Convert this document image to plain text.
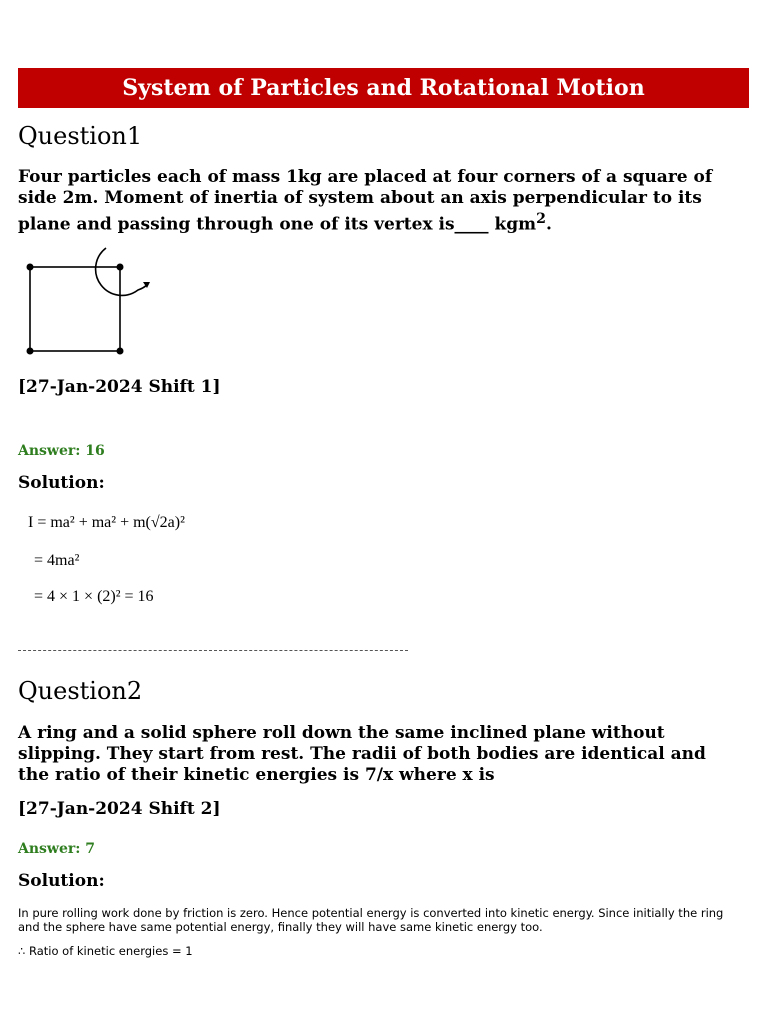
System of Particles and Rotational Motion
Question1
Four particles each of mass 1kg are placed at four corners of a square of
side 2m. Moment of inertia of system about an axis perpendicular to its
plane and passing through one of its vertex is____ kgm$^2$.
[27-Jan-2024 Shift 1]
Answer: 16
Solution:
I = ma² + ma² + m(√2a)²
= 4ma²
= 4 × 1 × (2)² = 16
Question2
A ring and a solid sphere roll down the same inclined plane without
slipping. They start from rest. The radii of both bodies are identical and
the ratio of their kinetic energies is 7/x where x is
[27-Jan-2024 Shift 2]
Answer: 7
Solution:
In pure rolling work done by friction is zero. Hence potential energy is converted into kinetic energy. Since initially the ring and the sphere have same potential energy, finally they will have same kinetic energy too.
∴ Ratio of kinetic energies = 1
